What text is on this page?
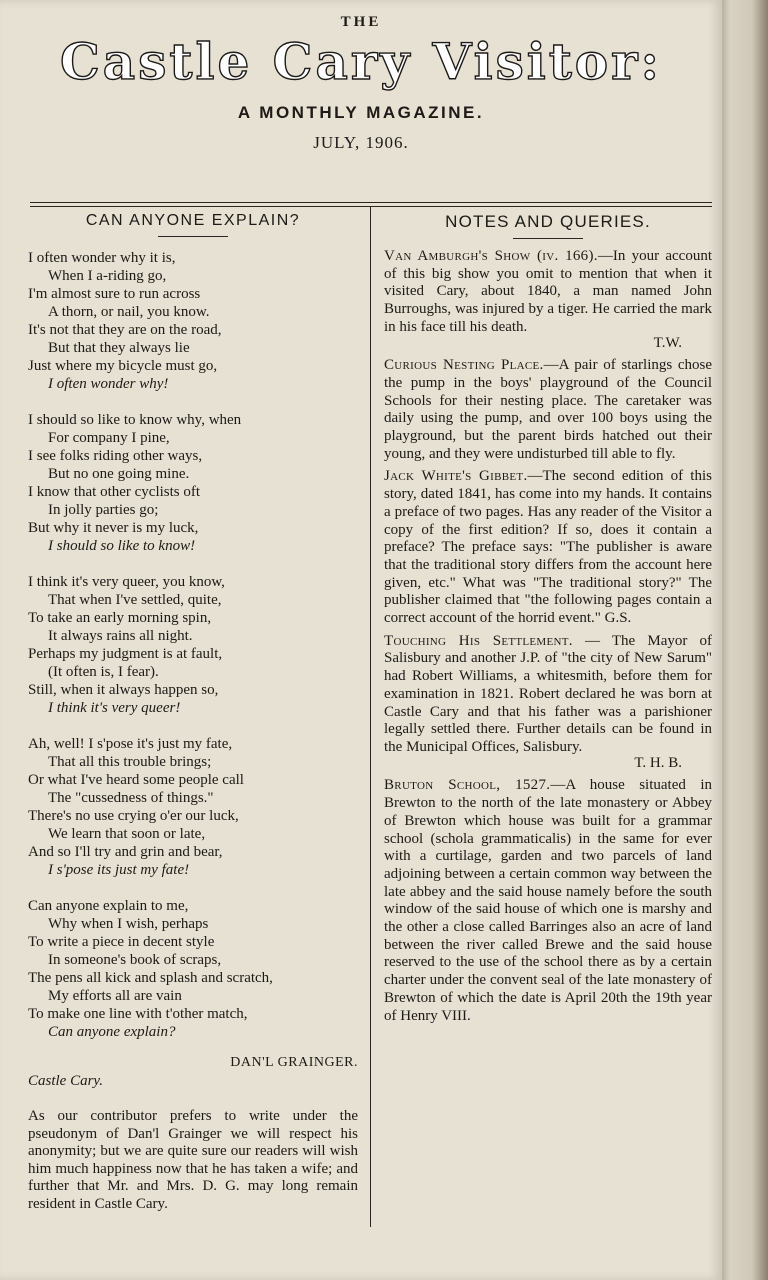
THE
Castle Cary Visitor:
A MONTHLY MAGAZINE.
JULY, 1906.
CAN ANYONE EXPLAIN?
I often wonder why it is,
When I a-riding go,
I'm almost sure to run across
A thorn, or nail, you know.
It's not that they are on the road,
But that they always lie
Just where my bicycle must go,
I often wonder why!
I should so like to know why, when
For company I pine,
I see folks riding other ways,
But no one going mine.
I know that other cyclists oft
In jolly parties go;
But why it never is my luck,
I should so like to know!
I think it's very queer, you know,
That when I've settled, quite,
To take an early morning spin,
It always rains all night.
Perhaps my judgment is at fault,
(It often is, I fear).
Still, when it always happen so,
I think it's very queer!
Ah, well! I s'pose it's just my fate,
That all this trouble brings;
Or what I've heard some people call
The "cussedness of things."
There's no use crying o'er our luck,
We learn that soon or late,
And so I'll try and grin and bear,
I s'pose its just my fate!
Can anyone explain to me,
Why when I wish, perhaps
To write a piece in decent style
In someone's book of scraps,
The pens all kick and splash and scratch,
My efforts all are vain
To make one line with t'other match,
Can anyone explain?
DAN'L GRAINGER.
Castle Cary.
As our contributor prefers to write under the pseudonym of Dan'l Grainger we will respect his anonymity; but we are quite sure our readers will wish him much happiness now that he has taken a wife; and further that Mr. and Mrs. D. G. may long remain resident in Castle Cary.
NOTES AND QUERIES.
Van Amburgh's Show (iv. 166).—In your account of this big show you omit to mention that when it visited Cary, about 1840, a man named John Burroughs, was injured by a tiger. He carried the mark in his face till his death.
T.W.
Curious Nesting Place.—A pair of starlings chose the pump in the boys' playground of the Council Schools for their nesting place. The caretaker was daily using the pump, and over 100 boys using the playground, but the parent birds hatched out their young, and they were undisturbed till able to fly.
Jack White's Gibbet.—The second edition of this story, dated 1841, has come into my hands. It contains a preface of two pages. Has any reader of the Visitor a copy of the first edition? If so, does it contain a preface? The preface says: "The publisher is aware that the traditional story differs from the account here given, etc." What was "The traditional story?" The publisher claimed that "the following pages contain a correct account of the horrid event." G.S.
Touching His Settlement. — The Mayor of Salisbury and another J.P. of "the city of New Sarum" had Robert Williams, a whitesmith, before them for examination in 1821. Robert declared he was born at Castle Cary and that his father was a parishioner legally settled there. Further details can be found in the Municipal Offices, Salisbury.
T. H. B.
Bruton School, 1527.—A house situated in Brewton to the north of the late monastery or Abbey of Brewton which house was built for a grammar school (schola grammaticalis) in the same for ever with a curtilage, garden and two parcels of land adjoining between a certain common way between the late abbey and the said house namely before the south window of the said house of which one is marshy and the other a close called Barringes also an acre of land between the river called Brewe and the said house reserved to the use of the school there as by a certain charter under the convent seal of the late monastery of Brewton of which the date is April 20th the 19th year of Henry VIII.
